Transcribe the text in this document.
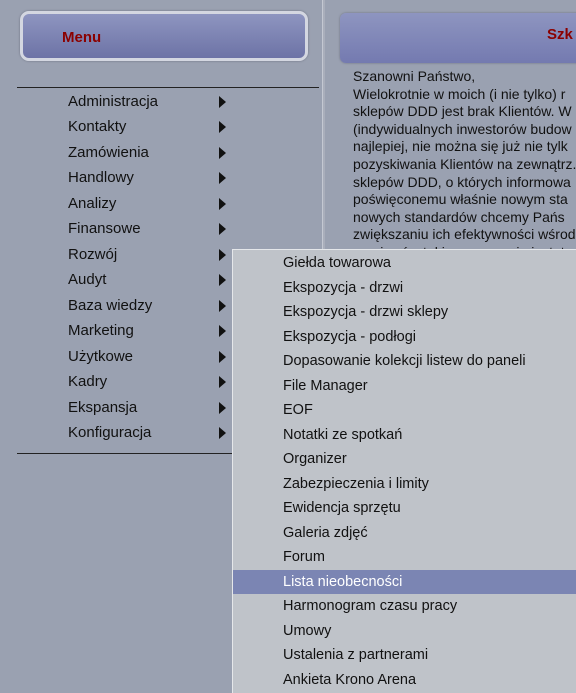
Menu
Administracja
Kontakty
Zamówienia
Handlowy
Analizy
Finansowe
Rozwój
Audyt
Baza wiedzy
Marketing
Użytkowe
Kadry
Ekspansja
Konfiguracja
Szk
Szanowni Państwo,
Wielokrotnie w moich (i nie tylko) r
sklepów DDD jest brak Klientów. W
(indywidualnych inwestorów budow
najlepiej, nie można się już nie tylk
pozyskiwania Klientów na zewnątrz.
sklepów DDD, o których informowa
poświęconemu właśnie nowym sta
nowych standardów chcemy Pańs
zwiększaniu ich efektywności wśrod
Giełda towarowa
Ekspozycja - drzwi
Ekspozycja - drzwi sklepy
Ekspozycja - podłogi
Dopasowanie kolekcji listew do paneli
File Manager
EOF
Notatki ze spotkań
Organizer
Zabezpieczenia i limity
Ewidencja sprzętu
Galeria zdjęć
Forum
Lista nieobecności
Harmonogram czasu pracy
Umowy
Ustalenia z partnerami
Ankieta Krono Arena
